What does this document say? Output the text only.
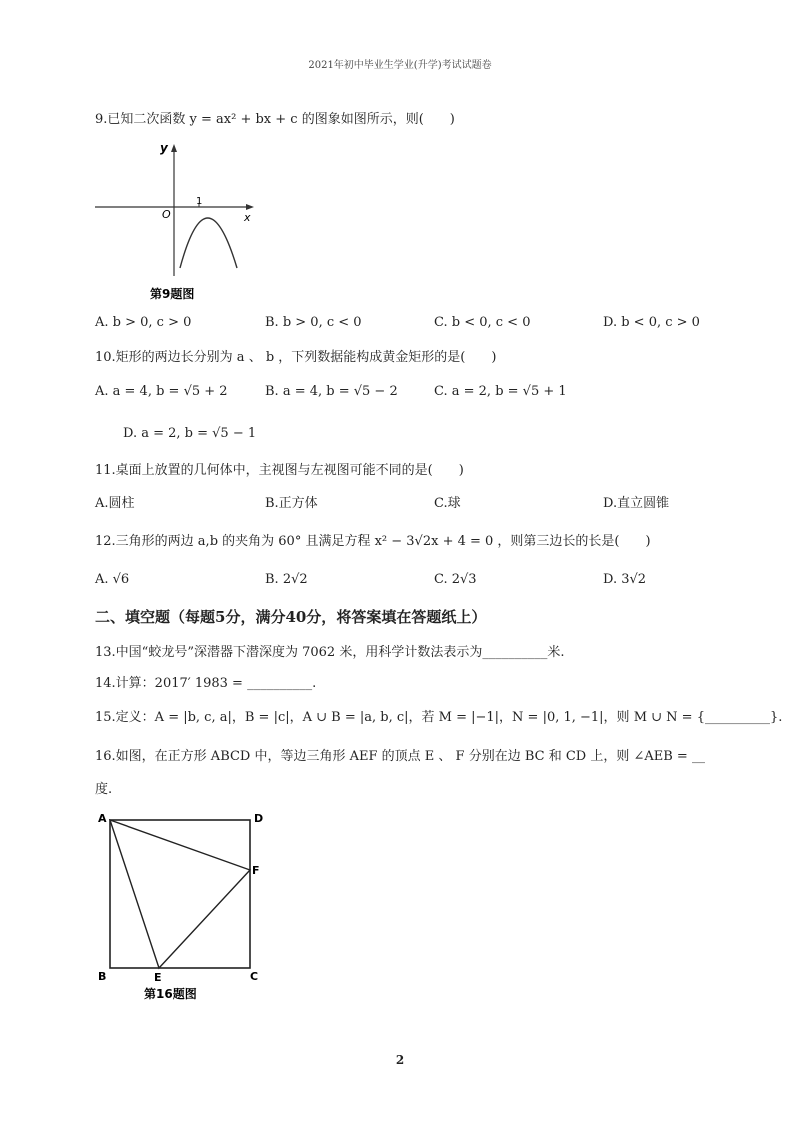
2021年初中毕业生学业(升学)考试试题卷
9.已知二次函数 y = ax² + bx + c 的图象如图所示，则(　　)
y
x
O
1
第9题图
A. b > 0, c > 0	B. b > 0, c < 0	C. b < 0, c < 0	D. b < 0, c > 0
10.矩形的两边长分别为 a 、 b ，下列数据能构成黄金矩形的是(　　)
A. a = 4, b = √5 + 2	B. a = 4, b = √5 − 2	C. a = 2, b = √5 + 1
D. a = 2, b = √5 − 1
11.桌面上放置的几何体中，主视图与左视图可能不同的是(　　)
A.圆柱	B.正方体	C.球	D.直立圆锥
12.三角形的两边 a,b 的夹角为 60° 且满足方程 x² − 3√2x + 4 = 0 ，则第三边长的长是(　　)
A. √6	B. 2√2	C. 2√3	D. 3√2
二、填空题（每题5分，满分40分，将答案填在答题纸上）
13.中国“蛟龙号”深潜器下潜深度为 7062 米，用科学计数法表示为__________米.
14.计算：2017′ 1983 = __________.
15.定义：A = |b, c, a|，B = |c|，A ∪ B = |a, b, c|，若 M = |−1|，N = |0, 1, −1|，则 M ∪ N = {__________}.
16.如图，在正方形 ABCD 中，等边三角形 AEF 的顶点 E 、 F 分别在边 BC 和 CD 上，则 ∠AEB = __
度.
A	D
F
B	E	C
第16题图
2
